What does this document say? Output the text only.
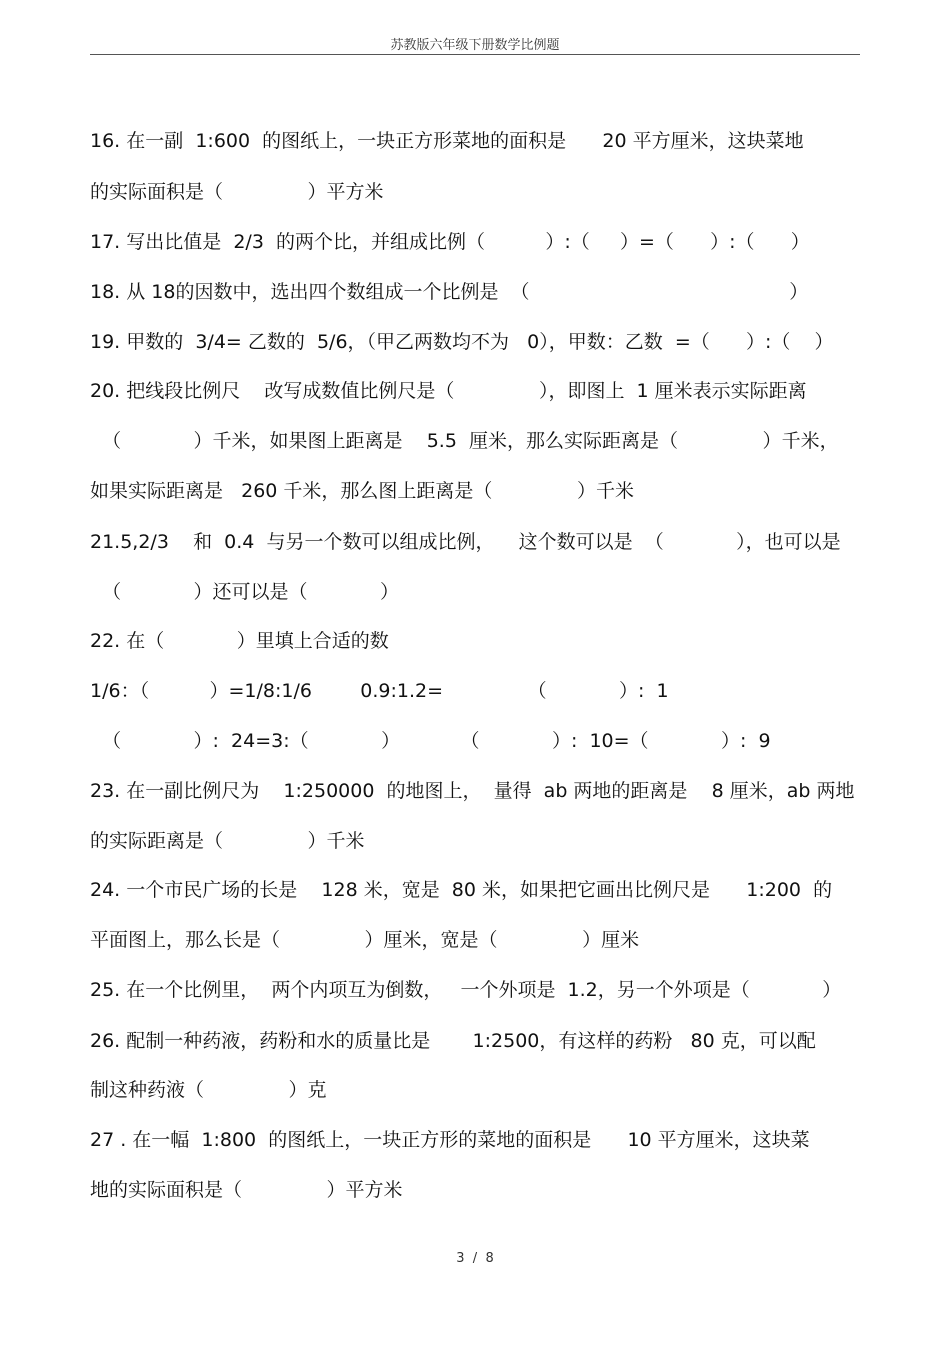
苏教版六年级下册数学比例题
16. 在一副  1:600  的图纸上，一块正方形菜地的面积是      20 平方厘米，这块菜地
的实际面积是（              ）平方米
17. 写出比值是  2/3  的两个比，并组成比例（          ）:（     ）=（      ）:（      ）
18. 从 18的因数中，选出四个数组成一个比例是  （                                           ）
19. 甲数的  3/4= 乙数的  5/6，（甲乙两数均不为   0），甲数：乙数  =（      ）:（    ）
20. 把线段比例尺    改写成数值比例尺是（              ），即图上  1 厘米表示实际距离
（            ）千米，如果图上距离是    5.5  厘米，那么实际距离是（              ）千米，
如果实际距离是   260 千米，那么图上距离是（              ）千米
21.5,2/3    和  0.4  与另一个数可以组成比例，    这个数可以是  （            ），也可以是
（            ）还可以是（            ）
22. 在（            ）里填上合适的数
1/6：（          ）=1/8:1/6        0.9:1.2=              （            ）:  1
（            ）:  24=3:（            ）          （            ）:  10=（            ）:  9
23. 在一副比例尺为    1:250000  的地图上，  量得  ab 两地的距离是    8 厘米，ab 两地
的实际距离是（              ）千米
24. 一个市民广场的长是    128 米，宽是  80 米，如果把它画出比例尺是      1:200  的
平面图上，那么长是（              ）厘米，宽是（              ）厘米
25. 在一个比例里，  两个内项互为倒数，   一个外项是  1.2，另一个外项是（            ）
26. 配制一种药液，药粉和水的质量比是       1:2500，有这样的药粉   80 克，可以配
制这种药液（              ）克
27 . 在一幅  1:800  的图纸上，一块正方形的菜地的面积是      10 平方厘米，这块菜
地的实际面积是（              ）平方米
3  /  8
